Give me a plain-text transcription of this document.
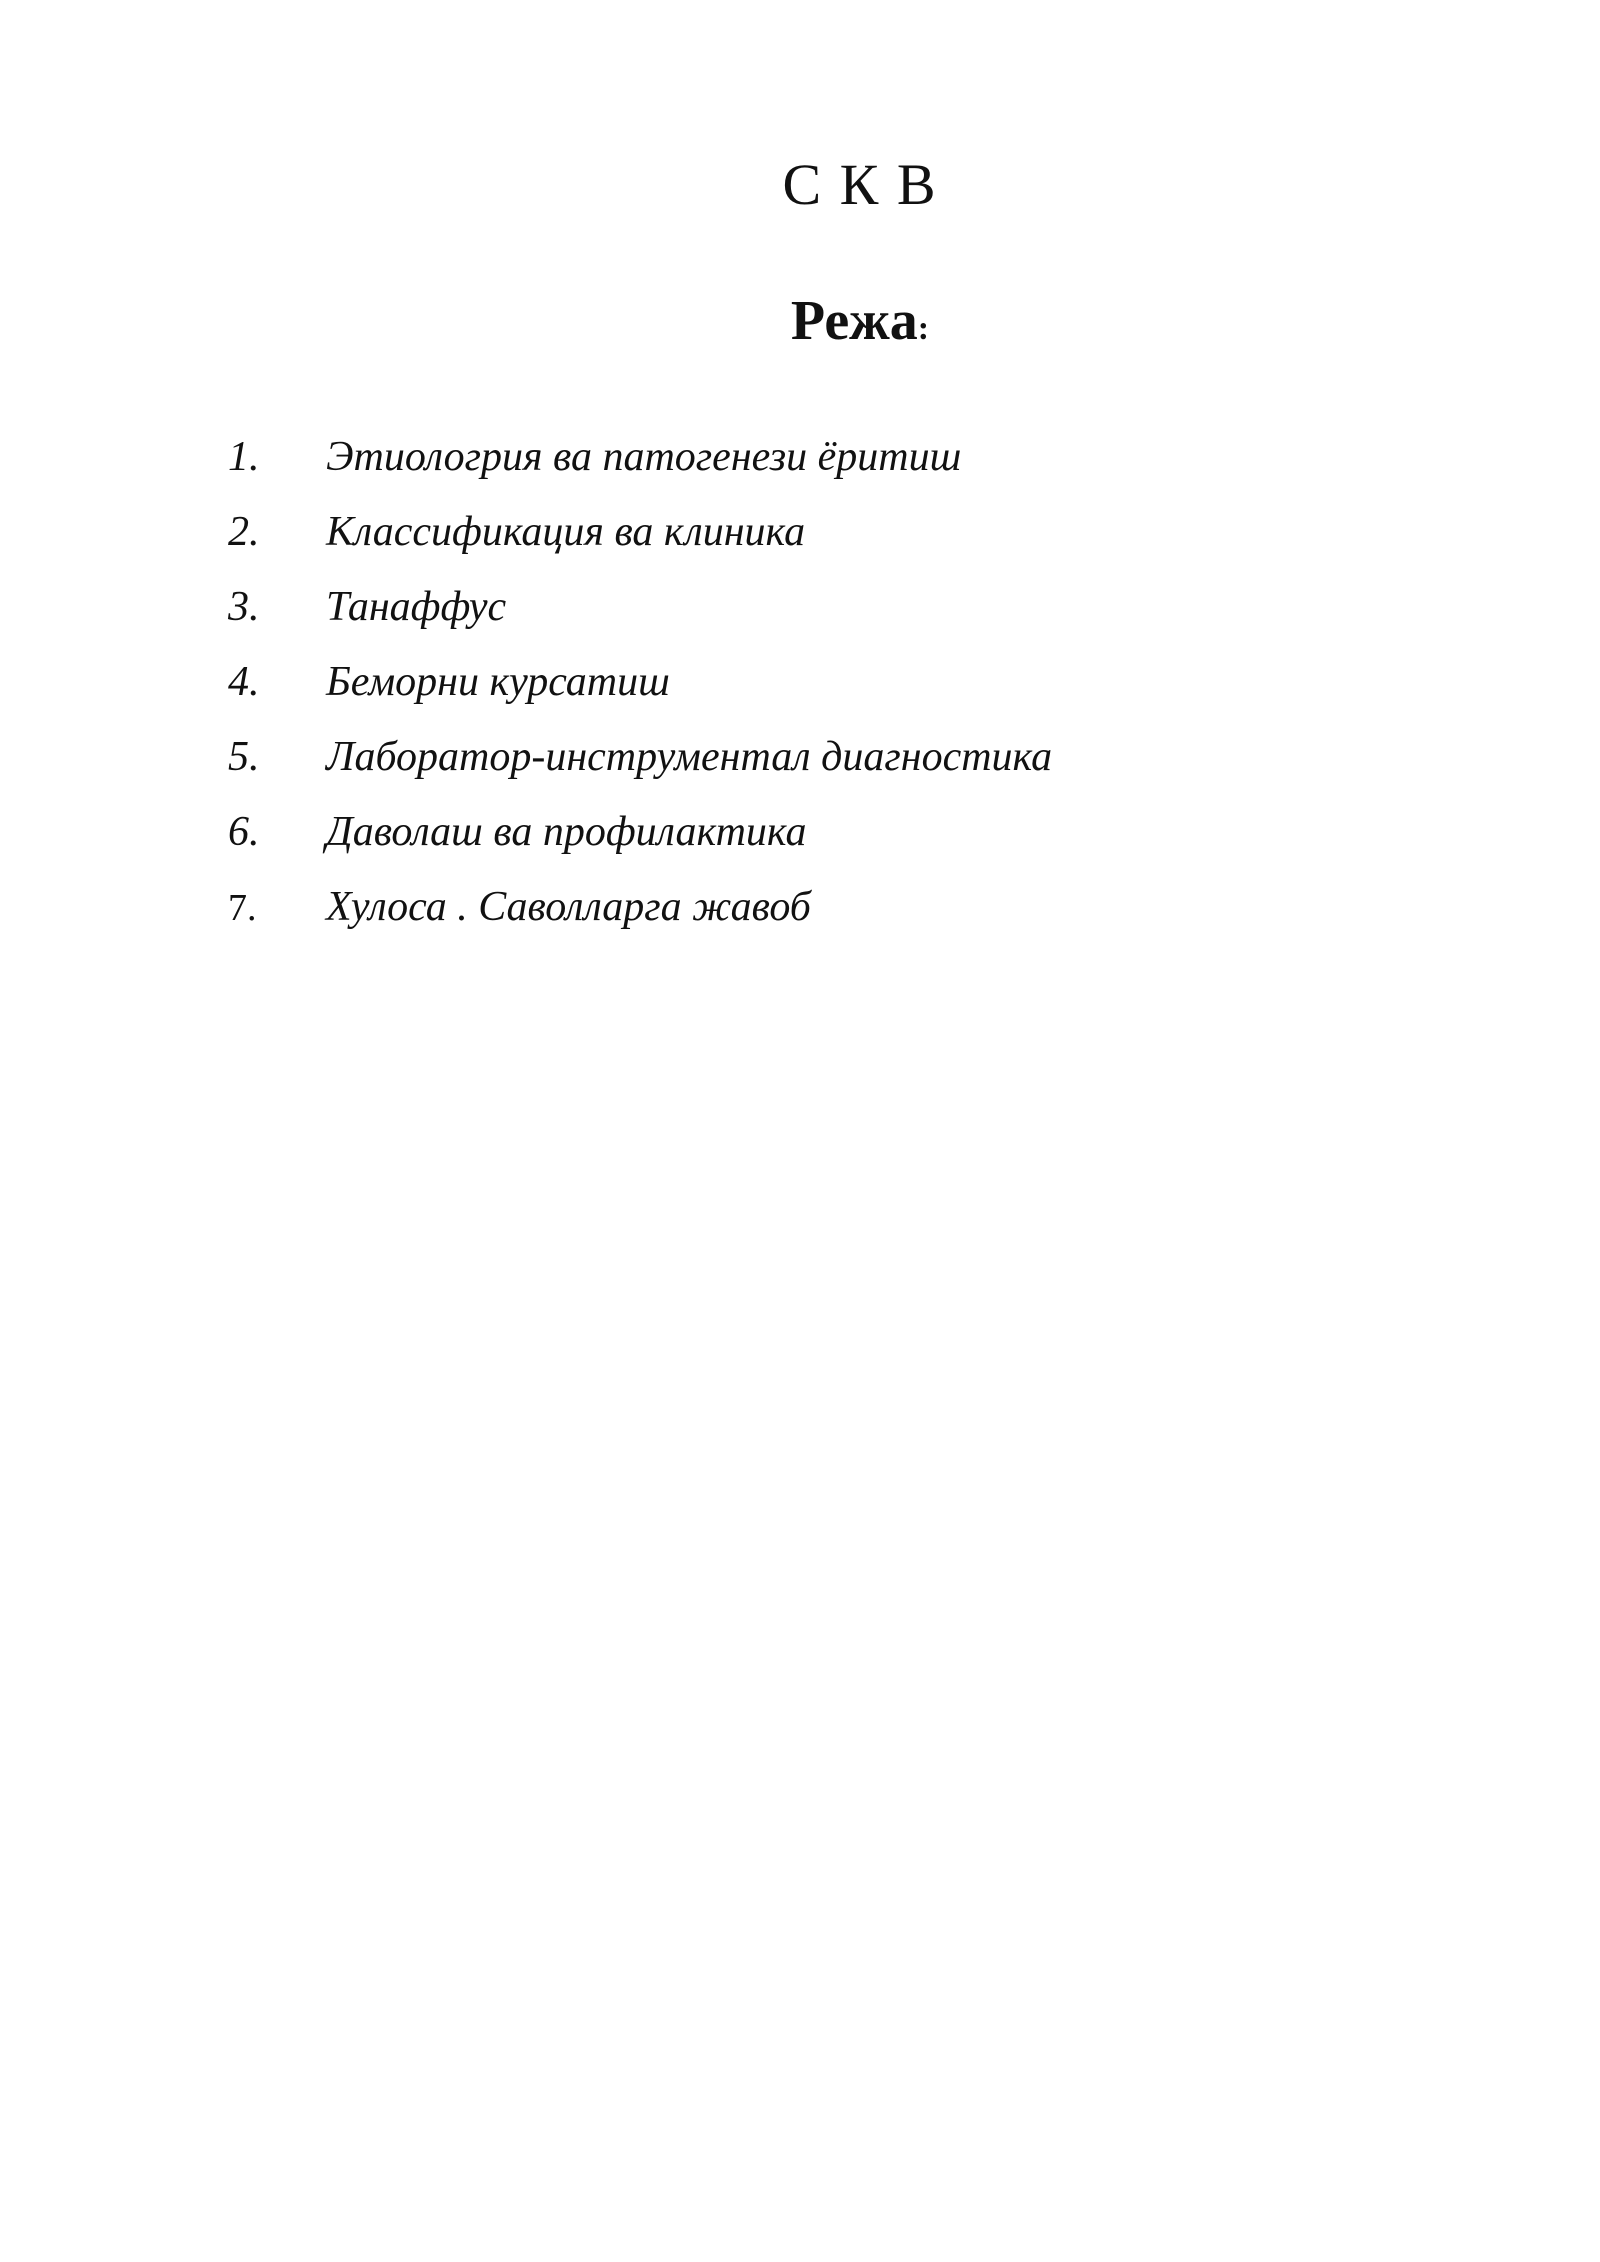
С К В
Режа:
1.	Этиологрия ва патогенези ёритиш
2.	Классификация ва клиника
3.	Танаффус
4.	Беморни курсатиш
5.	Лаборатор-инструментал диагностика
6.	Даволаш ва профилактика
7.	Хулоса . Саволларга жавоб
